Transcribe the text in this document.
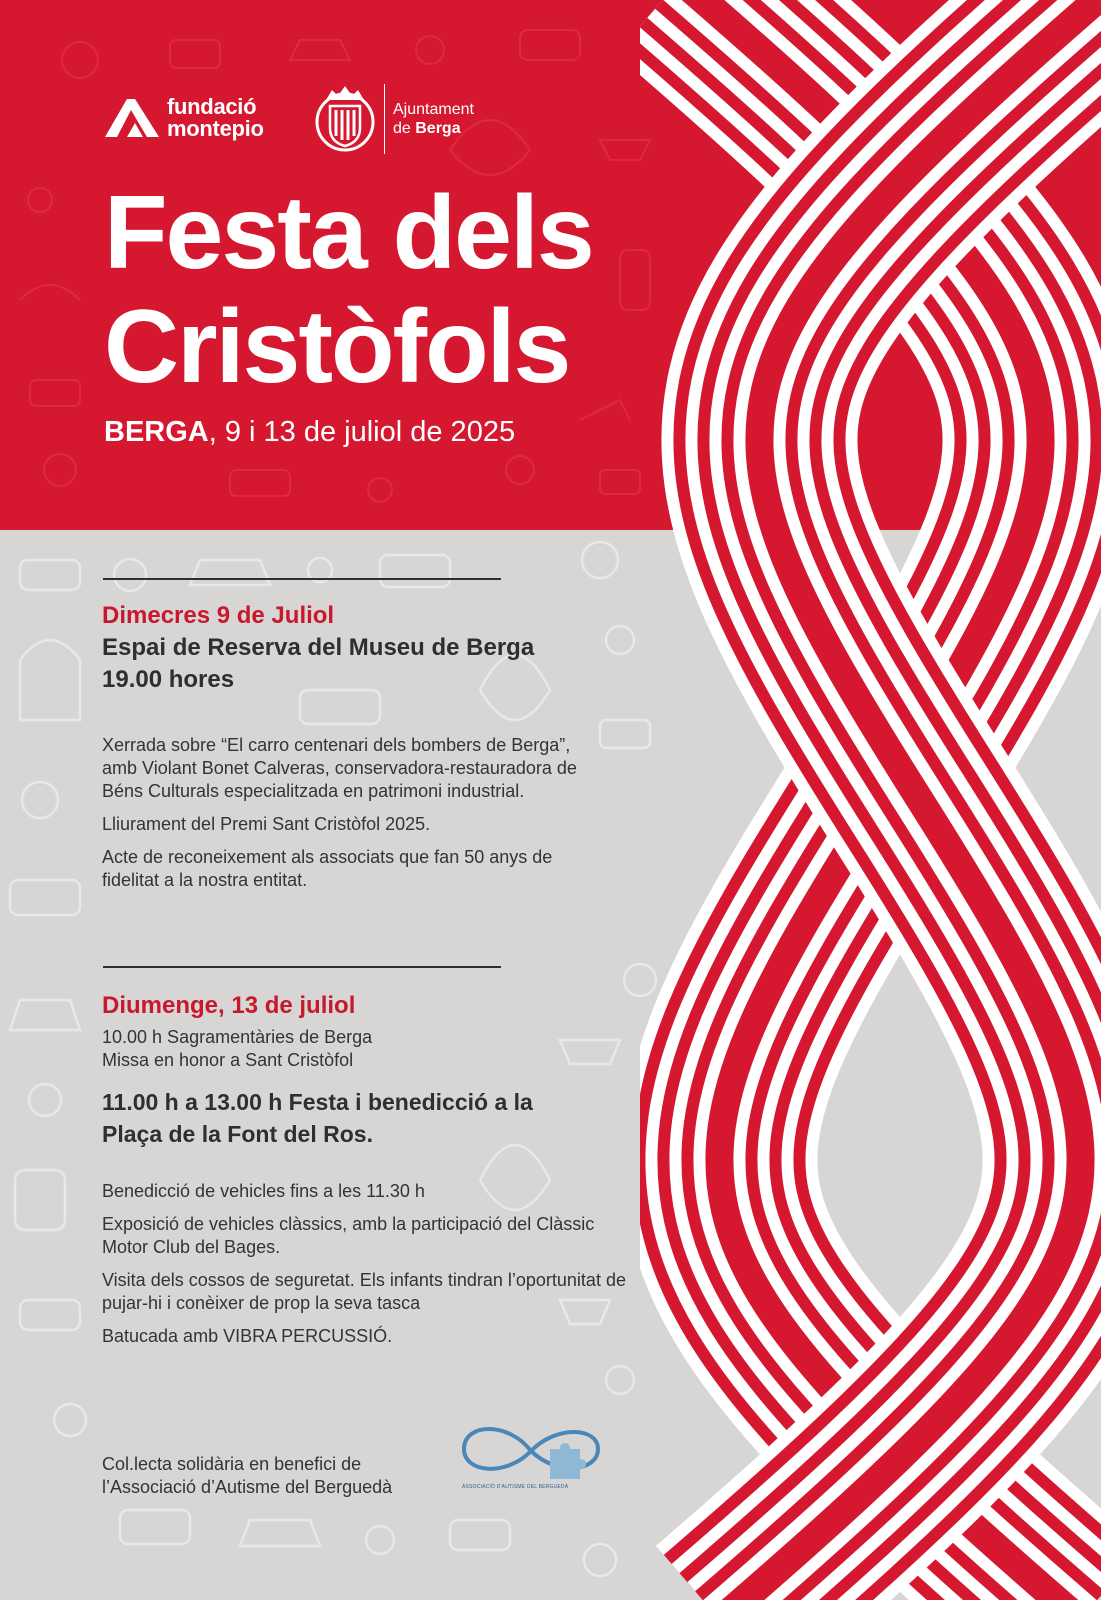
fundació
montepio
Ajuntament
de Berga
Festa dels
Cristòfols
BERGA, 9 i 13 de juliol de 2025
Dimecres 9 de Juliol
Espai de Reserva del Museu de Berga
19.00 hores

Xerrada sobre “El carro centenari dels bombers de Berga”, amb Violant Bonet Calveras, conservadora-restauradora de Béns Culturals especialitzada en patrimoni industrial.

Lliurament del Premi Sant Cristòfol 2025.

Acte de reconeixement als associats que fan 50 anys de fidelitat a la nostra entitat.

Diumenge, 13 de juliol

10.00 h Sagramentàries de Berga

Missa en honor a Sant Cristòfol

11.00 h a 13.00 h Festa i benedicció a la
Plaça de la Font del Ros.

Benedicció de vehicles fins a les 11.30 h

Exposició de vehicles clàssics, amb la participació del Clàssic Motor Club del Bages.

Visita dels cossos de seguretat. Els infants tindran l’oportunitat de pujar-hi i conèixer de prop la seva tasca

Batucada amb VIBRA PERCUSSIÓ.

Col.lecta solidària en benefici de

l’Associació d’Autisme del Berguedà	ASSOCIACIÓ D'AUTISME DEL BERGUEDÀ
